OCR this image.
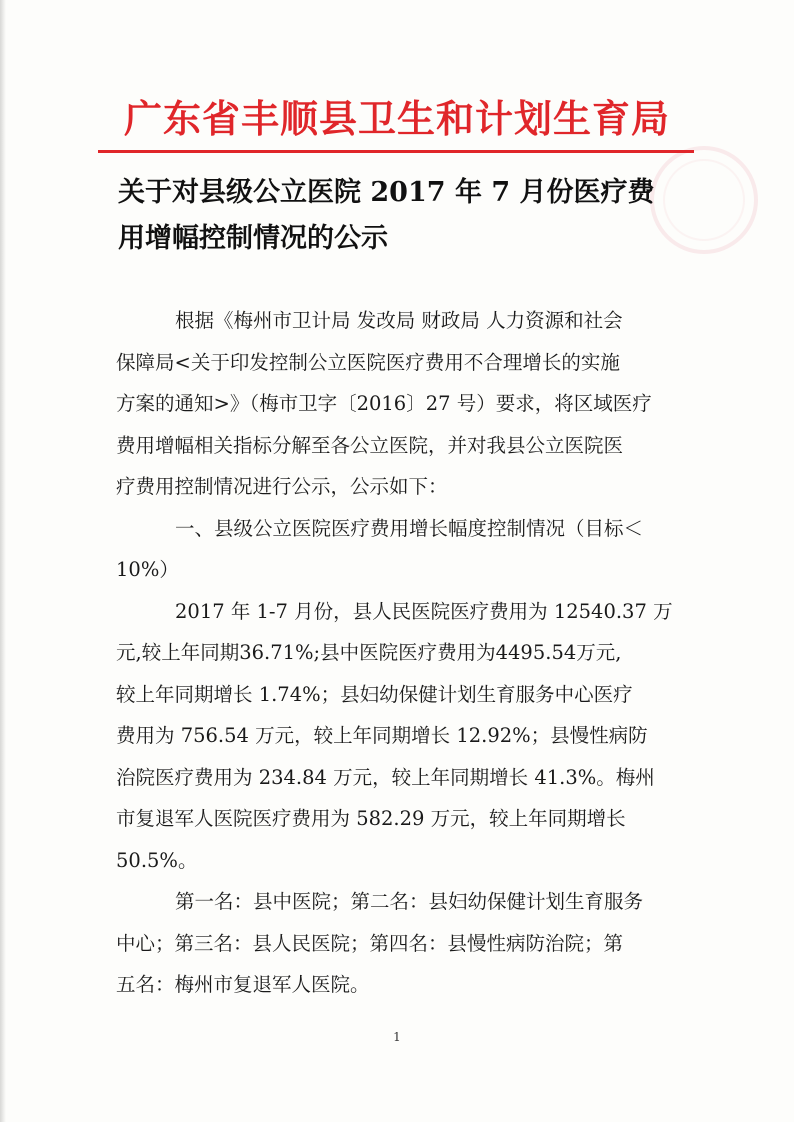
广东省丰顺县卫生和计划生育局
关于对县级公立医院 2017 年 7 月份医疗费
用增幅控制情况的公示

根据《梅州市卫计局 发改局 财政局 人力资源和社会
保障局<关于印发控制公立医院医疗费用不合理增长的实施
方案的通知>》（梅市卫字〔2016〕27 号）要求，将区域医疗
费用增幅相关指标分解至各公立医院，并对我县公立医院医
疗费用控制情况进行公示，公示如下：

一、县级公立医院医疗费用增长幅度控制情况（目标＜
10%）

2017 年 1-7 月份，县人民医院医疗费用为 12540.37 万
元,较上年同期36.71%;县中医院医疗费用为4495.54万元,
较上年同期增长 1.74%；县妇幼保健计划生育服务中心医疗
费用为 756.54 万元，较上年同期增长 12.92%；县慢性病防
治院医疗费用为 234.84 万元，较上年同期增长 41.3%。梅州
市复退军人医院医疗费用为 582.29 万元，较上年同期增长
50.5%。

第一名：县中医院；第二名：县妇幼保健计划生育服务
中心；第三名：县人民医院；第四名：县慢性病防治院；第
五名：梅州市复退军人医院。

1
